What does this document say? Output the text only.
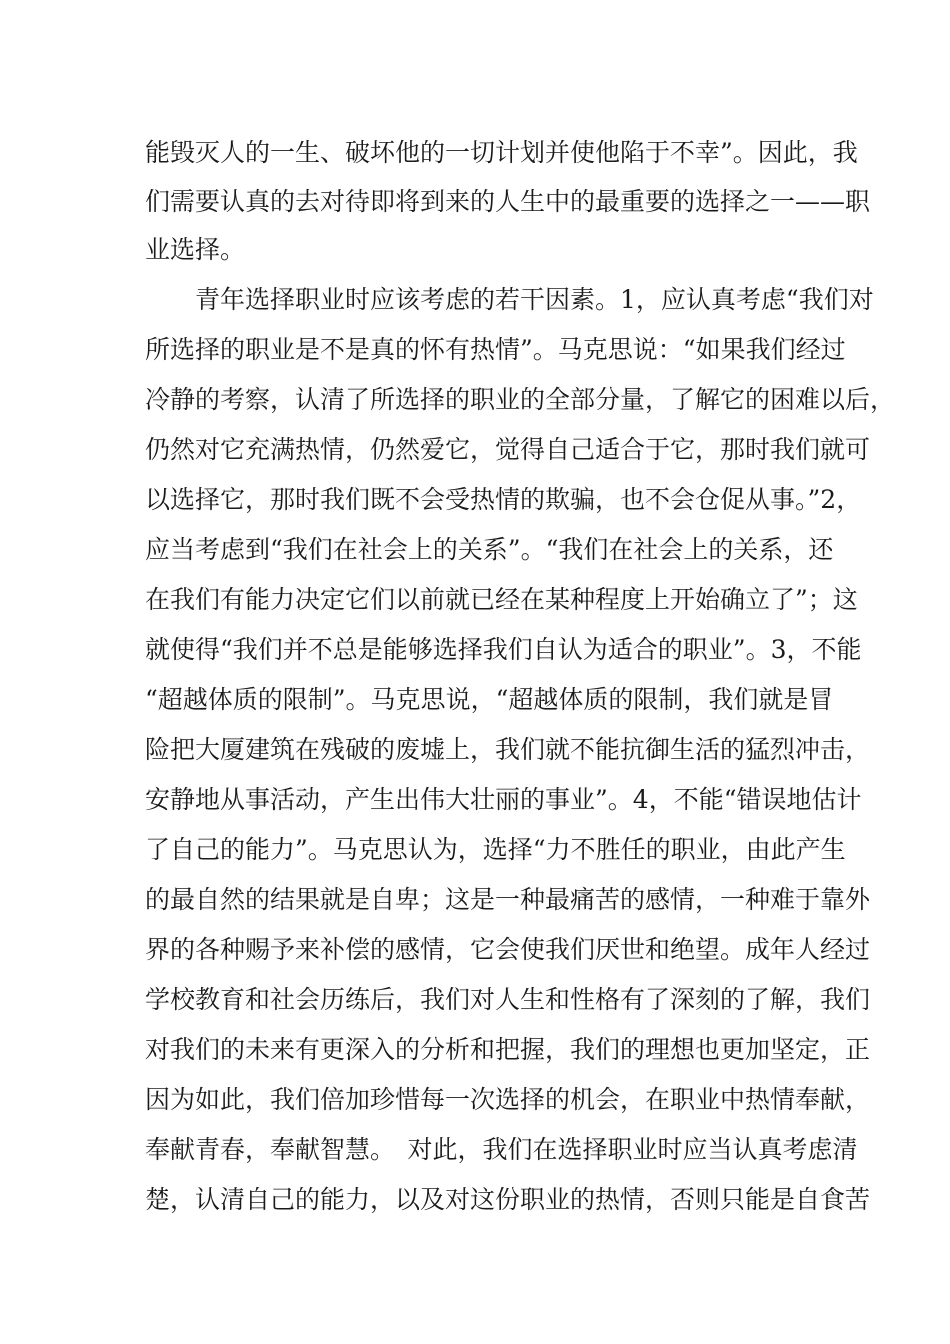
能毁灭人的一生、破坏他的一切计划并使他陷于不幸”。因此，我
们需要认真的去对待即将到来的人生中的最重要的选择之一——职
业选择。
　　青年选择职业时应该考虑的若干因素。1，应认真考虑“我们对
所选择的职业是不是真的怀有热情”。马克思说：“如果我们经过
冷静的考察，认清了所选择的职业的全部分量，了解它的困难以后，
仍然对它充满热情，仍然爱它，觉得自己适合于它，那时我们就可
以选择它，那时我们既不会受热情的欺骗，也不会仓促从事。”2，
应当考虑到“我们在社会上的关系”。“我们在社会上的关系，还
在我们有能力决定它们以前就已经在某种程度上开始确立了”；这
就使得“我们并不总是能够选择我们自认为适合的职业”。3，不能
“超越体质的限制”。马克思说，“超越体质的限制，我们就是冒
险把大厦建筑在残破的废墟上，我们就不能抗御生活的猛烈冲击，
安静地从事活动，产生出伟大壮丽的事业”。4，不能“错误地估计
了自己的能力”。马克思认为，选择“力不胜任的职业，由此产生
的最自然的结果就是自卑；这是一种最痛苦的感情，一种难于靠外
界的各种赐予来补偿的感情，它会使我们厌世和绝望。成年人经过
学校教育和社会历练后，我们对人生和性格有了深刻的了解，我们
对我们的未来有更深入的分析和把握，我们的理想也更加坚定，正
因为如此，我们倍加珍惜每一次选择的机会，在职业中热情奉献，
奉献青春，奉献智慧。　对此，我们在选择职业时应当认真考虑清
楚，认清自己的能力，以及对这份职业的热情，否则只能是自食苦
